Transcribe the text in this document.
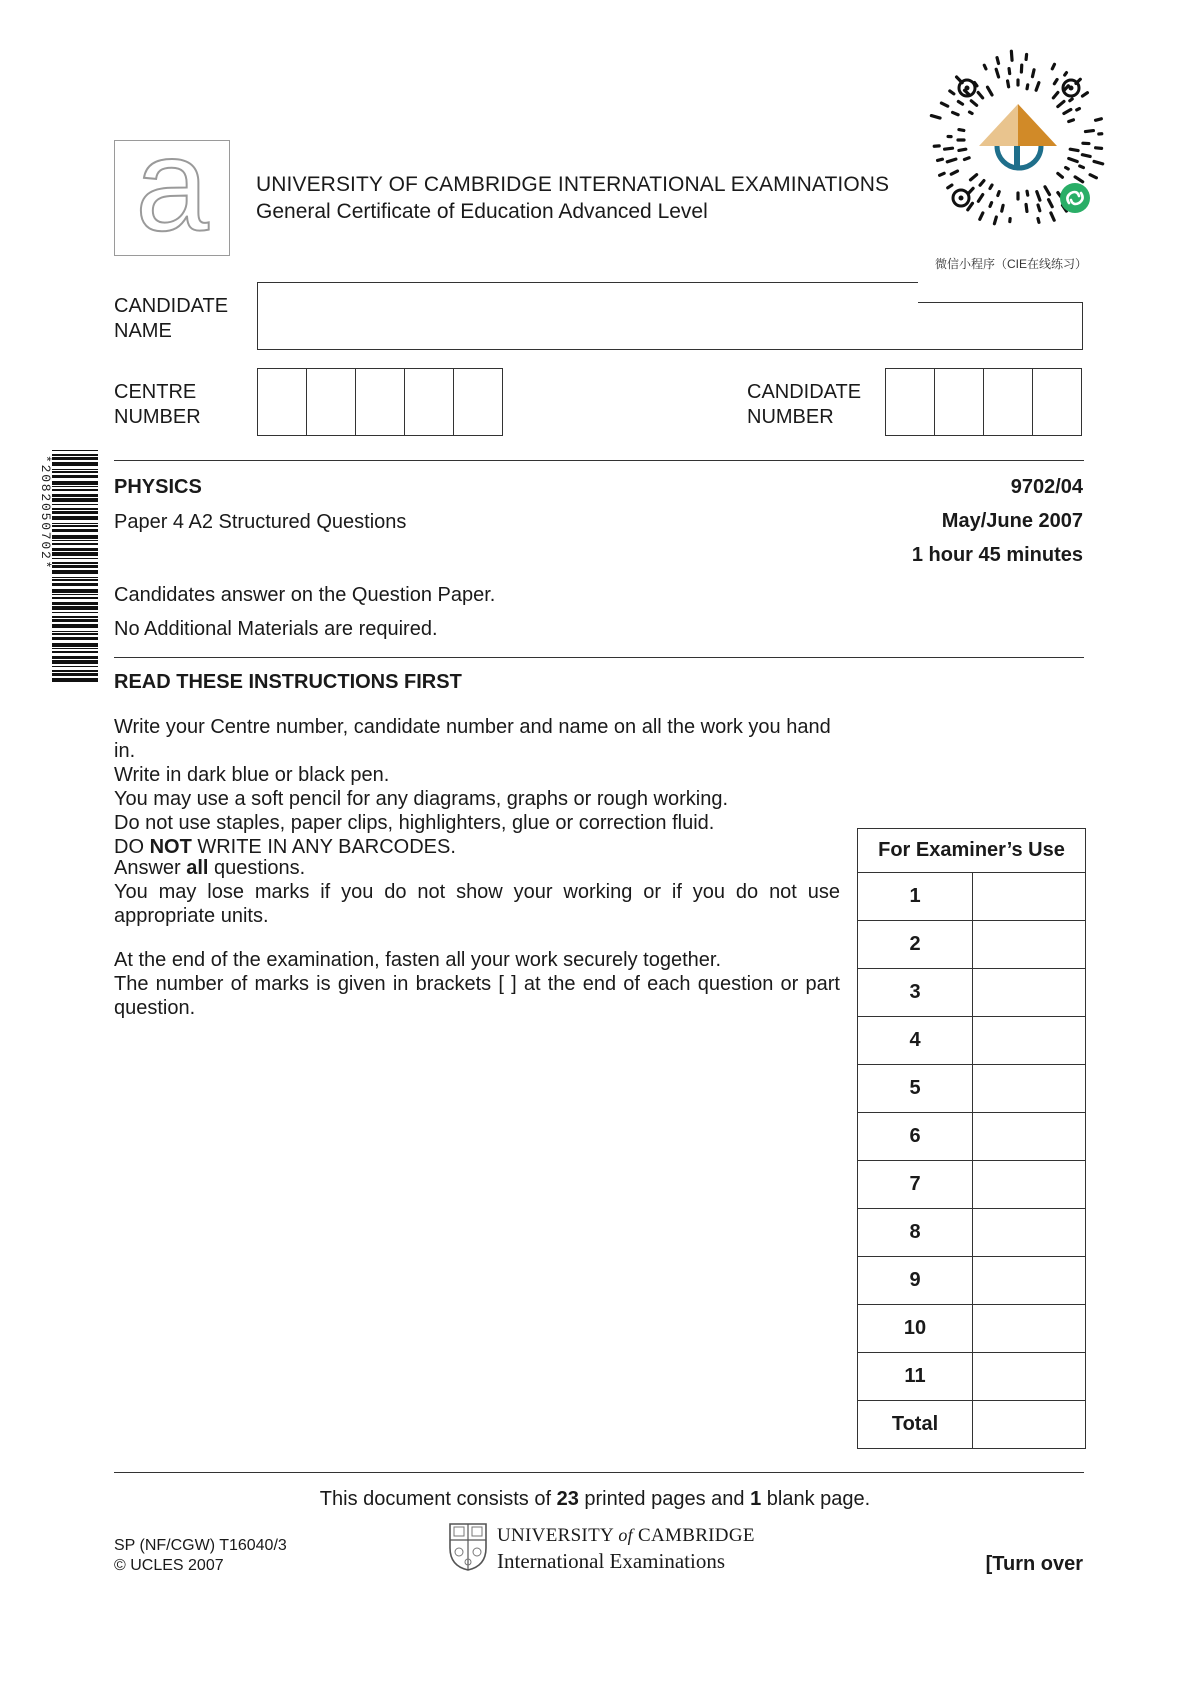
a	UNIVERSITY OF CAMBRIDGE INTERNATIONAL EXAMINATIONS
General Certificate of Education Advanced Level
微信小程序（CIE在线练习）
CANDIDATE
NAME
CENTRE
NUMBER
CANDIDATE
NUMBER
*2082050702*	PHYSICS
Paper 4 A2 Structured Questions
9702/04
May/June 2007
1 hour 45 minutes
Candidates answer on the Question Paper.
No Additional Materials are required.
READ THESE INSTRUCTIONS FIRST
Write your Centre number, candidate number and name on all the work you hand in.
Write in dark blue or black pen.
You may use a soft pencil for any diagrams, graphs or rough working.
Do not use staples, paper clips, highlighters, glue or correction fluid.
DO NOT WRITE IN ANY BARCODES.
Answer all questions.
You may lose marks if you do not show your working or if you do not use appropriate units.
At the end of the examination, fasten all your work securely together.
The number of marks is given in brackets [ ] at the end of each question or part question.
For Examiner’s Use	
1	
2	
3	
4	
5	
6	
7	
8	
9	
10	
11	
Total	
This document consists of 23 printed pages and 1 blank page.
SP (NF/CGW) T16040/3
© UCLES 2007
UNIVERSITY of CAMBRIDGE
International Examinations	[Turn over
